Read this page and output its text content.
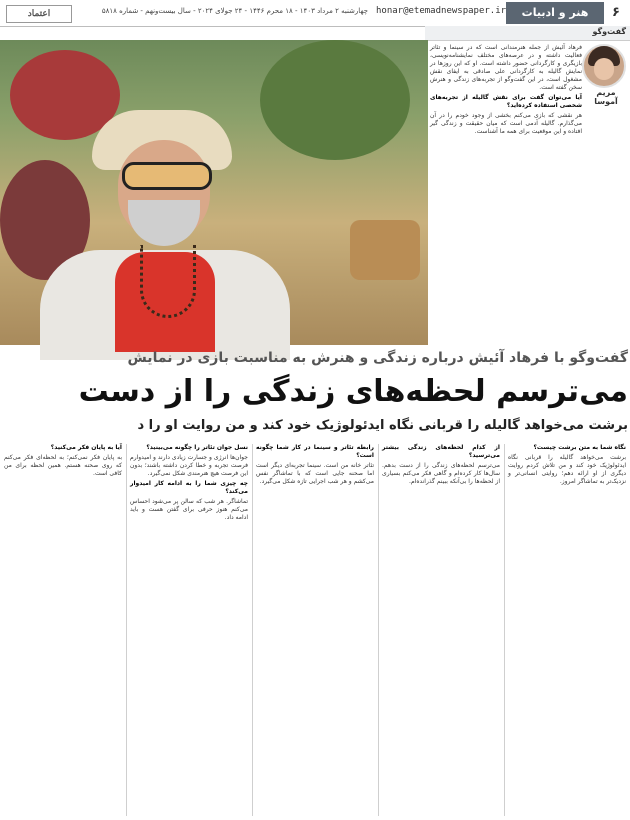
۶
هنر و ادبیات
honar@etemadnewspaper.ir
چهارشنبه ۲ مرداد ۱۴۰۳ - ۱۸ محرم ۱۴۴۶ - ۲۴ جولای ۲۰۲۴ - سال بیست‌ونهم - شماره ۵۸۱۸
اعتماد
گفت‌وگو
مریم آموسا

فرهاد آئیش از جمله هنرمندانی است که در سینما و تئاتر فعالیت داشته و در عرصه‌های مختلف نمایشنامه‌نویسی، بازیگری و کارگردانی حضور داشته است. او که این روزها در نمایش گالیله به کارگردانی علی صادقی به ایفای نقش مشغول است، در این گفت‌وگو از تجربه‌های زندگی و هنرش سخن گفته است.

آیا می‌توان گفت برای نقش گالیله از تجربه‌های شخصی استفاده کرده‌اید؟

هر نقشی که بازی می‌کنم بخشی از وجود خودم را در آن می‌گذارم. گالیله آدمی است که میان حقیقت و زندگی گیر افتاده و این موقعیت برای همه ما آشناست.

گفت‌وگو با فرهاد آئیش درباره زندگی و هنرش به مناسبت بازی در نمایش
می‌ترسم لحظه‌های زندگی را از دست
برشت می‌خواهد گالیله را قربانی نگاه ایدئولوژیک خود کند و من روایت او را د

نگاه شما به متن برشت چیست؟

برشت می‌خواهد گالیله را قربانی نگاه ایدئولوژیک خود کند و من تلاش کردم روایت دیگری از او ارائه دهم؛ روایتی انسانی‌تر و نزدیک‌تر به تماشاگر امروز.

از کدام لحظه‌های زندگی بیشتر می‌ترسید؟

می‌ترسم لحظه‌های زندگی را از دست بدهم. سال‌ها کار کرده‌ام و گاهی فکر می‌کنم بسیاری از لحظه‌ها را بی‌آنکه ببینم گذرانده‌ام.

رابطه تئاتر و سینما در کار شما چگونه است؟

تئاتر خانه من است. سینما تجربه‌ای دیگر است اما صحنه جایی است که با تماشاگر نفس می‌کشم و هر شب اجرایی تازه شکل می‌گیرد.

نسل جوان تئاتر را چگونه می‌بینید؟

جوان‌ها انرژی و جسارت زیادی دارند و امیدوارم فرصت تجربه و خطا کردن داشته باشند؛ بدون این فرصت هیچ هنرمندی شکل نمی‌گیرد.

چه چیزی شما را به ادامه کار امیدوار می‌کند؟

تماشاگر. هر شب که سالن پر می‌شود احساس می‌کنم هنوز حرفی برای گفتن هست و باید ادامه داد.

آیا به پایان فکر می‌کنید؟

به پایان فکر نمی‌کنم؛ به لحظه‌ای فکر می‌کنم که روی صحنه هستم. همین لحظه برای من کافی است.
